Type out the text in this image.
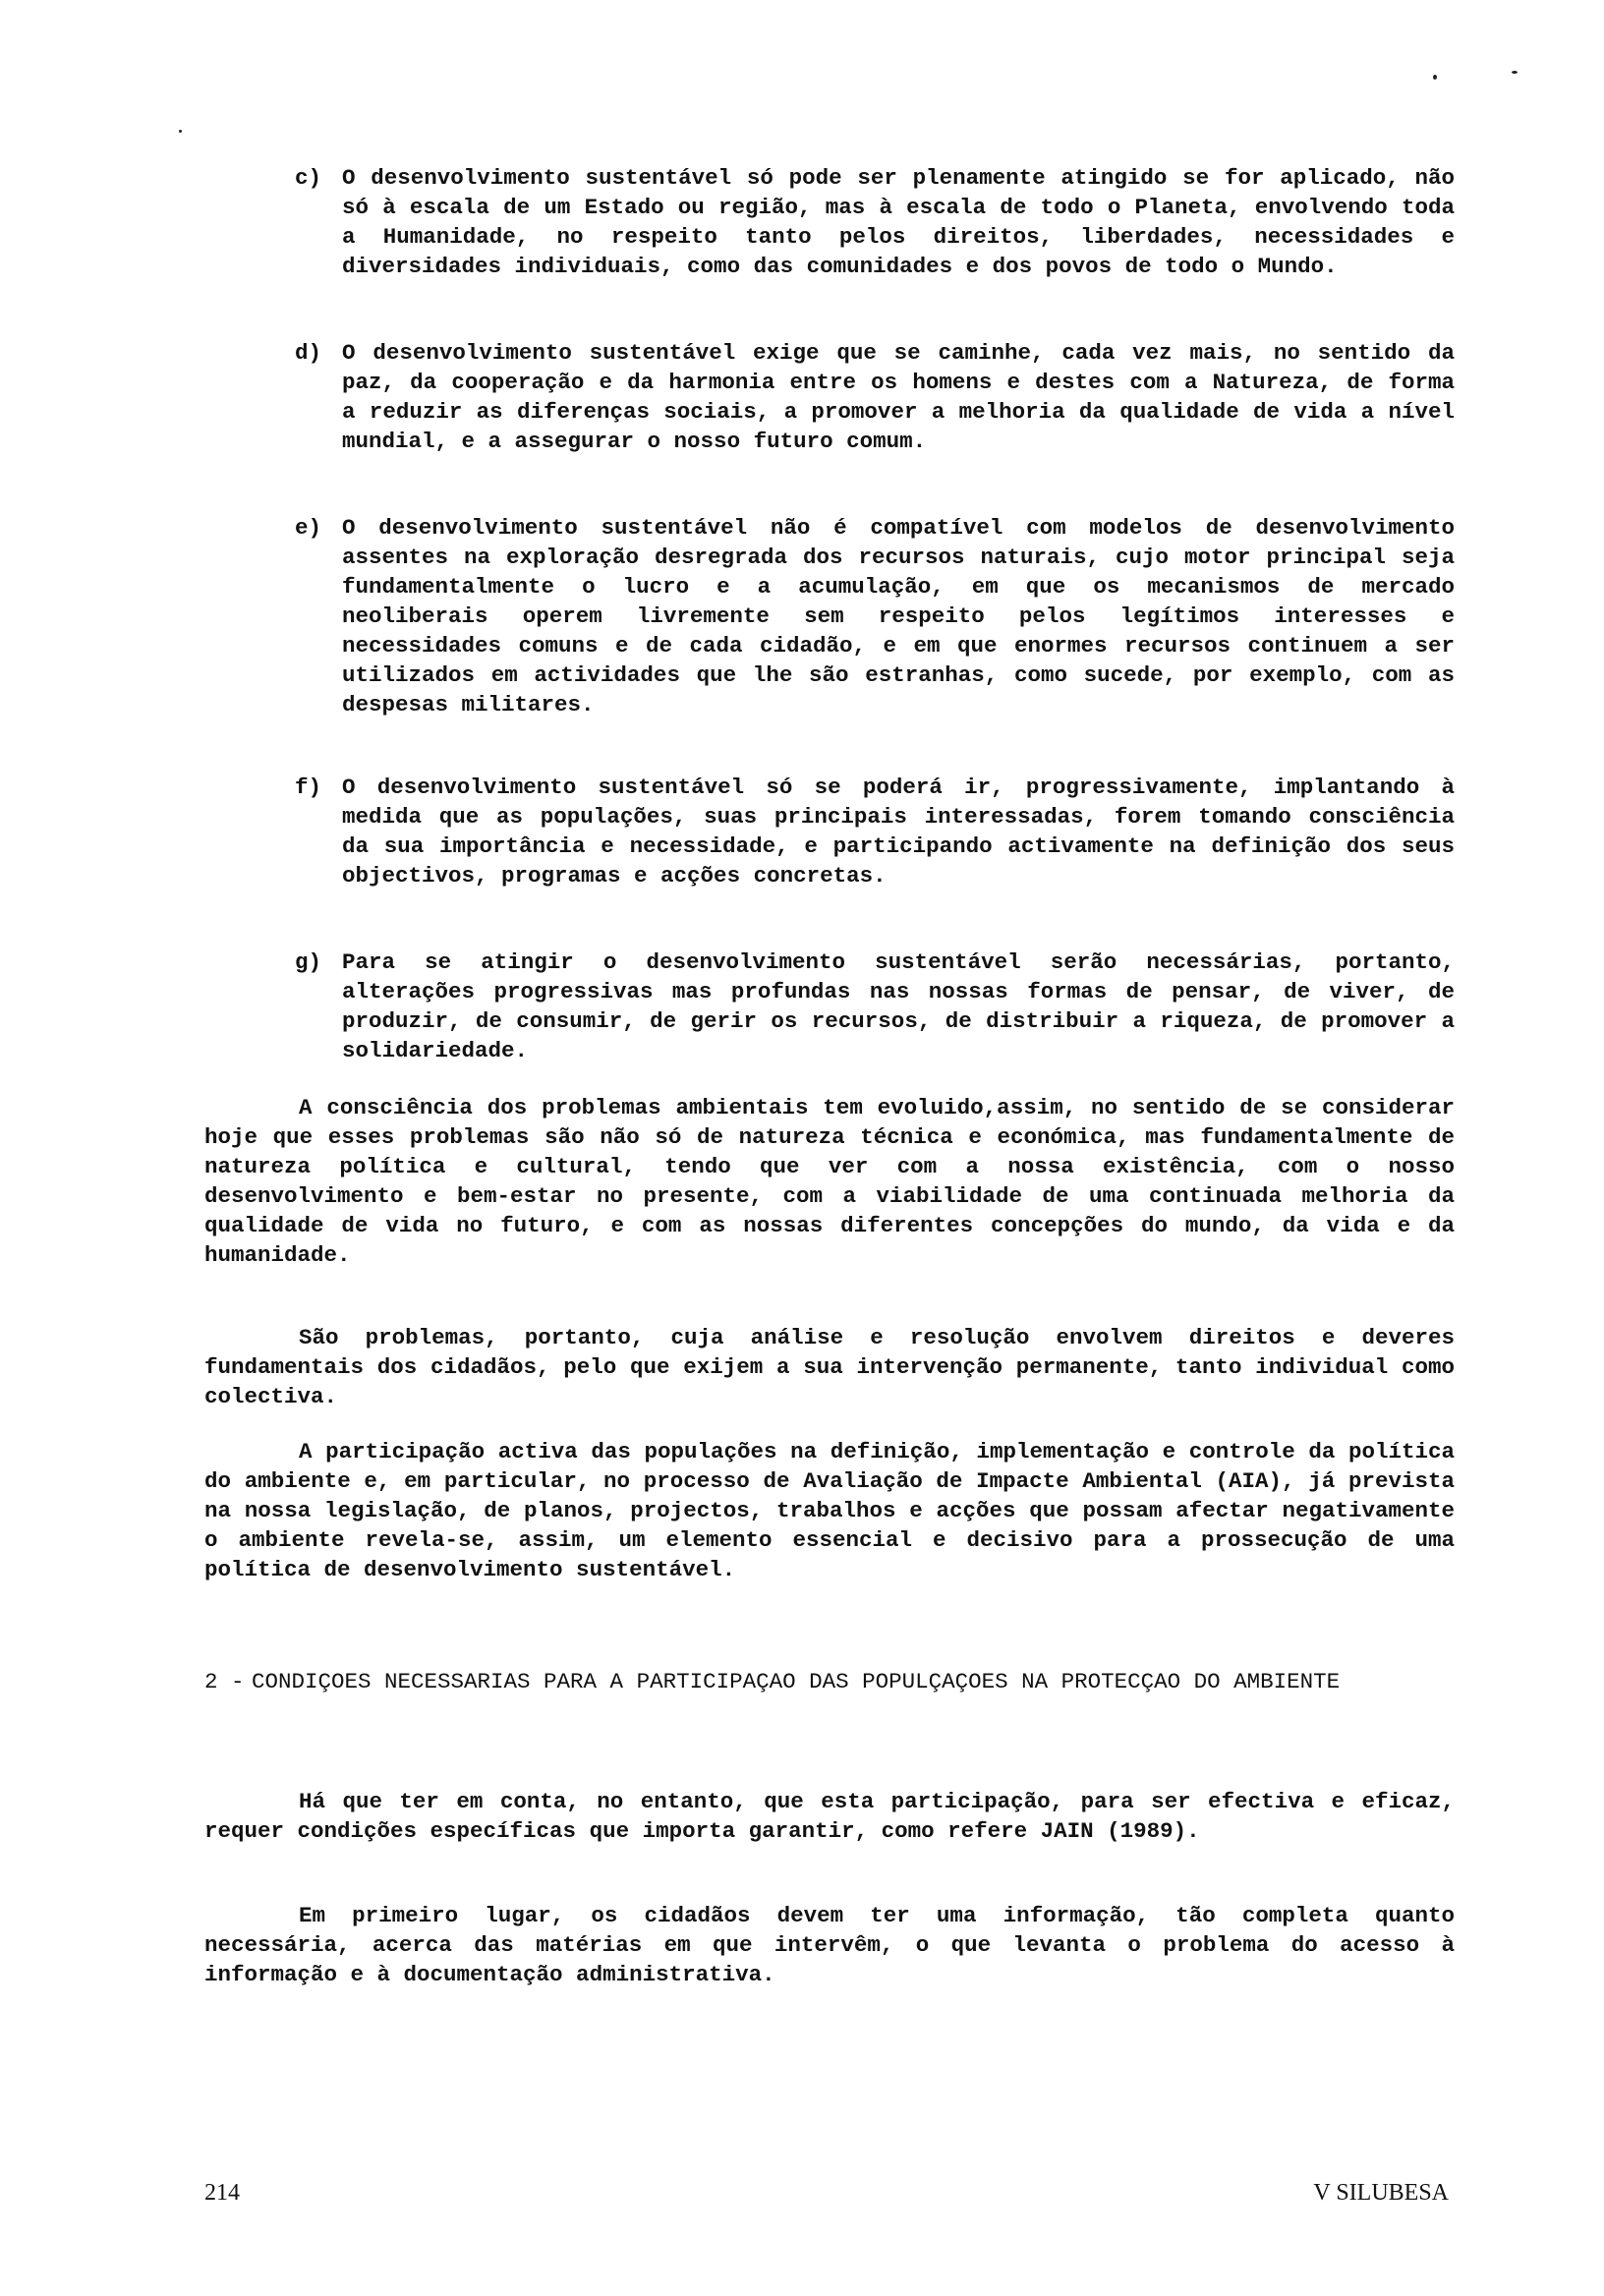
c) O desenvolvimento sustentável só pode ser plenamente atingido se for aplicado, não só à escala de um Estado ou região, mas à escala de todo o Planeta, envolvendo toda a Humanidade, no respeito tanto pelos direitos, liberdades, necessidades e diversidades individuais, como das comunidades e dos povos de todo o Mundo.
d) O desenvolvimento sustentável exige que se caminhe, cada vez mais, no sentido da paz, da cooperação e da harmonia entre os homens e destes com a Natureza, de forma a reduzir as diferenças sociais, a promover a melhoria da qualidade de vida a nível mundial, e a assegurar o nosso futuro comum.
e) O desenvolvimento sustentável não é compatível com modelos de desenvolvimento assentes na exploração desregrada dos recursos naturais, cujo motor principal seja fundamentalmente o lucro e a acumulação, em que os mecanismos de mercado neoliberais operem livremente sem respeito pelos legítimos interesses e necessidades comuns e de cada cidadão, e em que enormes recursos continuem a ser utilizados em actividades que lhe são estranhas, como sucede, por exemplo, com as despesas militares.
f) O desenvolvimento sustentável só se poderá ir, progressivamente, implantando à medida que as populações, suas principais interessadas, forem tomando consciência da sua importância e necessidade, e participando activamente na definição dos seus objectivos, programas e acções concretas.
g) Para se atingir o desenvolvimento sustentável serão necessárias, portanto, alterações progressivas mas profundas nas nossas formas de pensar, de viver, de produzir, de consumir, de gerir os recursos, de distribuir a riqueza, de promover a solidariedade.

A consciência dos problemas ambientais tem evoluido,assim, no sentido de se considerar hoje que esses problemas são não só de natureza técnica e económica, mas fundamentalmente de natureza política e cultural, tendo que ver com a nossa existência, com o nosso desenvolvimento e bem-estar no presente, com a viabilidade de uma continuada melhoria da qualidade de vida no futuro, e com as nossas diferentes concepções do mundo, da vida e da humanidade.

São problemas, portanto, cuja análise e resolução envolvem direitos e deveres fundamentais dos cidadãos, pelo que exijem a sua intervenção permanente, tanto individual como colectiva.

A participação activa das populações na definição, implementação e controle da política do ambiente e, em particular, no processo de Avaliação de Impacte Ambiental (AIA), já prevista na nossa legislação, de planos, projectos, trabalhos e acções que possam afectar negativamente o ambiente revela-se, assim, um elemento essencial e decisivo para a prossecução de uma política de desenvolvimento sustentável.

2 - CONDIÇOES NECESSARIAS PARA A PARTICIPAÇAO DAS POPULÇAÇOES NA PROTECÇAO DO AMBIENTE

Há que ter em conta, no entanto, que esta participação, para ser efectiva e eficaz, requer condições específicas que importa garantir, como refere JAIN (1989).

Em primeiro lugar, os cidadãos devem ter uma informação, tão completa quanto necessária, acerca das matérias em que intervêm, o que levanta o problema do acesso à informação e à documentação administrativa.

214	V SILUBESA
